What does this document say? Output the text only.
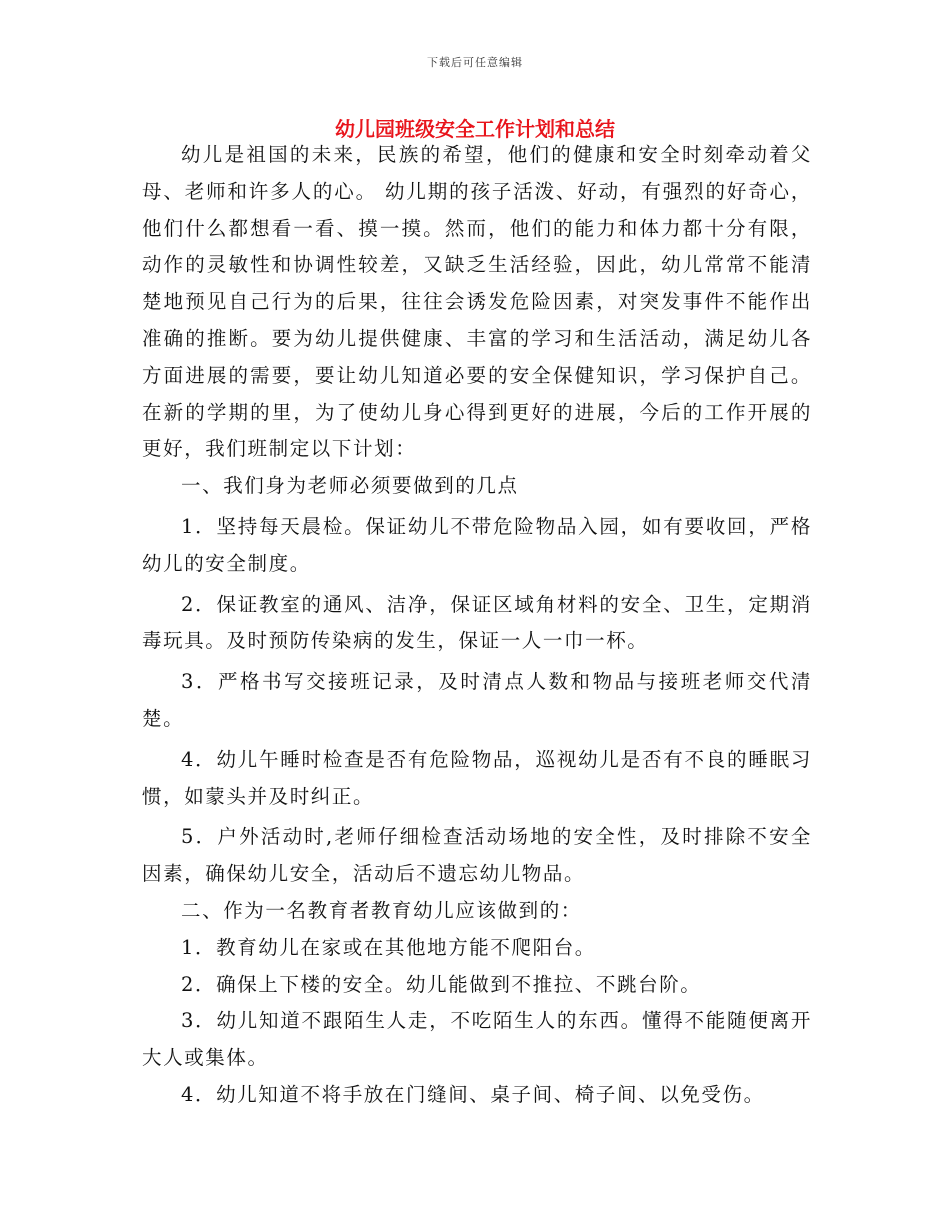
下载后可任意编辑
幼儿园班级安全工作计划和总结

幼儿是祖国的未来，民族的希望，他们的健康和安全时刻牵动着父母、老师和许多人的心。 幼儿期的孩子活泼、好动，有强烈的好奇心，他们什么都想看一看、摸一摸。然而，他们的能力和体力都十分有限，动作的灵敏性和协调性较差，又缺乏生活经验，因此，幼儿常常不能清楚地预见自己行为的后果，往往会诱发危险因素，对突发事件不能作出准确的推断。要为幼儿提供健康、丰富的学习和生活活动，满足幼儿各方面进展的需要，要让幼儿知道必要的安全保健知识，学习保护自己。在新的学期的里，为了使幼儿身心得到更好的进展，今后的工作开展的更好，我们班制定以下计划：

一、我们身为老师必须要做到的几点

1．坚持每天晨检。保证幼儿不带危险物品入园，如有要收回，严格幼儿的安全制度。

2．保证教室的通风、洁净，保证区域角材料的安全、卫生，定期消毒玩具。及时预防传染病的发生，保证一人一巾一杯。

3．严格书写交接班记录，及时清点人数和物品与接班老师交代清楚。

4．幼儿午睡时检查是否有危险物品，巡视幼儿是否有不良的睡眠习惯，如蒙头并及时纠正。

5．户外活动时,老师仔细检查活动场地的安全性，及时排除不安全因素，确保幼儿安全，活动后不遗忘幼儿物品。

二、作为一名教育者教育幼儿应该做到的：

1．教育幼儿在家或在其他地方能不爬阳台。

2．确保上下楼的安全。幼儿能做到不推拉、不跳台阶。

3．幼儿知道不跟陌生人走，不吃陌生人的东西。懂得不能随便离开大人或集体。

4．幼儿知道不将手放在门缝间、桌子间、椅子间、以免受伤。
